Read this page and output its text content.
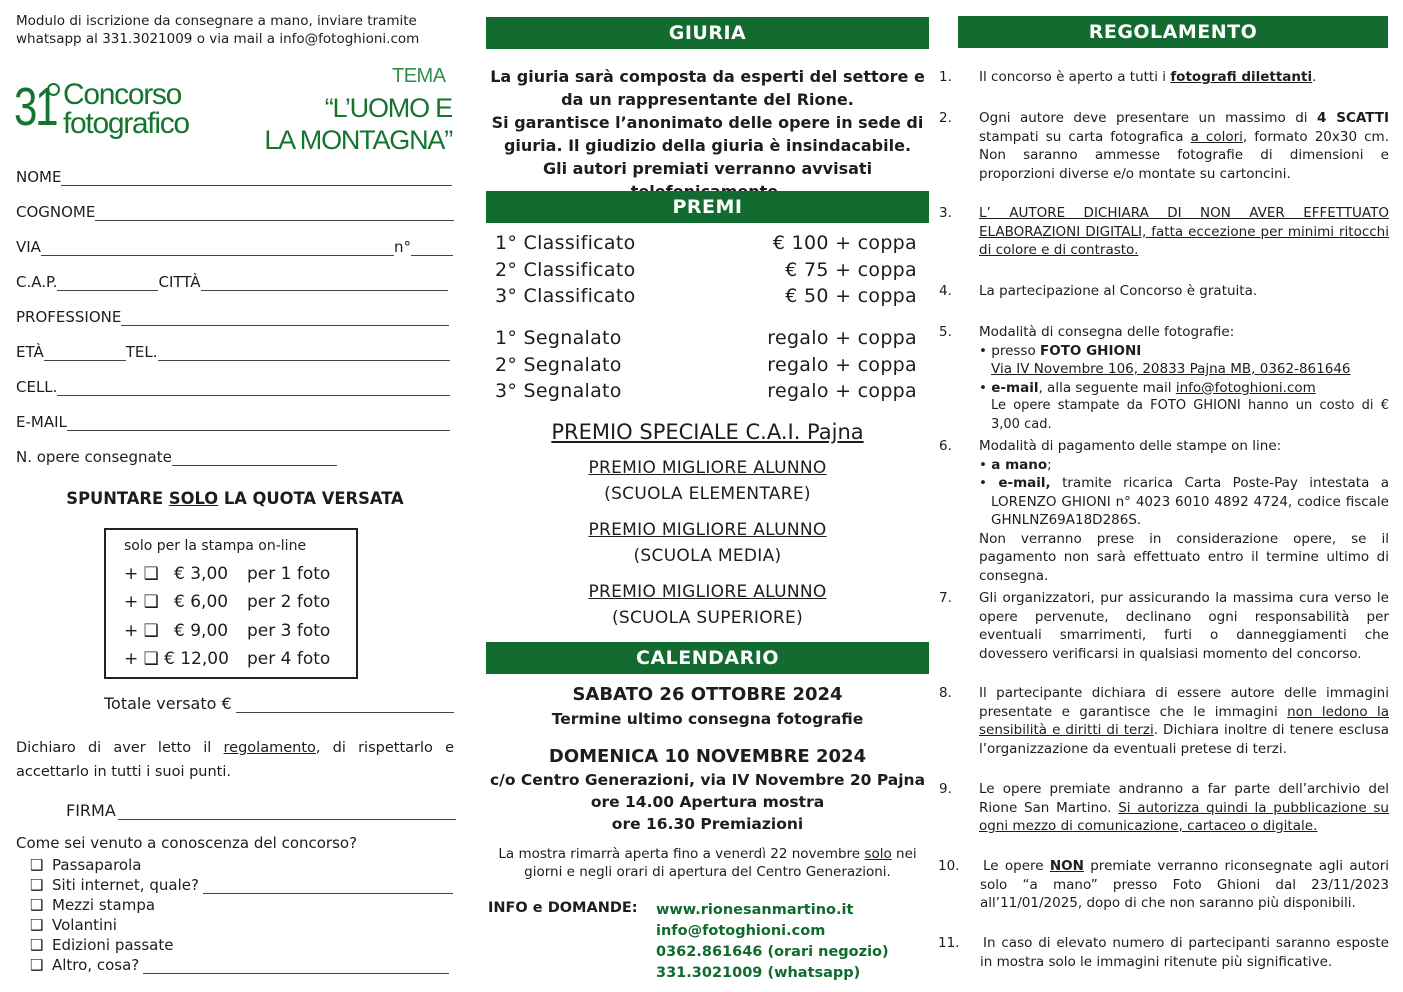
Modulo di iscrizione da consegnare a mano, inviare tramite whatsapp al 331.3021009 o via mail a info@fotoghioni.com
31 Concorso
fotografico
TEMA
“L’UOMO E
LA MONTAGNA”
NOME
COGNOME
VIA	n°
C.A.P.	CITTÀ
PROFESSIONE
ETÀ	TEL.
CELL.
E-MAIL
N. opere consegnate
SPUNTARE SOLO LA QUOTA VERSATA
solo per la stampa on-line
+ ❑ € 3,00	per 1 foto
+ ❑ € 6,00	per 2 foto
+ ❑ € 9,00	per 3 foto
+ ❑ € 12,00	per 4 foto
Totale versato €
Dichiaro di aver letto il regolamento, di rispettarlo e accettarlo in tutti i suoi punti.
FIRMA
Come sei venuto a conoscenza del concorso?
❑ Passaparola
❑ Siti internet, quale?
❑ Mezzi stampa
❑ Volantini
❑ Edizioni passate
❑ Altro, cosa?
GIURIA
La giuria sarà composta da esperti del settore e
da un rappresentante del Rione.
Si garantisce l’anonimato delle opere in sede di
giuria. Il giudizio della giuria è insindacabile.
Gli autori premiati verranno avvisati
PREMI
1° Classificato	€ 100 + coppa
2° Classificato	€ 75 + coppa
3° Classificato	€ 50 + coppa
1° Segnalato	regalo + coppa
2° Segnalato	regalo + coppa
3° Segnalato	regalo + coppa
PREMIO SPECIALE C.A.I. Pajna
PREMIO MIGLIORE ALUNNO
(SCUOLA ELEMENTARE)
PREMIO MIGLIORE ALUNNO
(SCUOLA MEDIA)
PREMIO MIGLIORE ALUNNO
(SCUOLA SUPERIORE)
CALENDARIO
SABATO 26 OTTOBRE 2024
Termine ultimo consegna fotografie
DOMENICA 10 NOVEMBRE 2024
c/o Centro Generazioni, via IV Novembre 20 Pajna
ore 14.00 Apertura mostra
ore 16.30 Premiazioni
La mostra rimarrà aperta fino a venerdì 22 novembre solo nei giorni e negli orari di apertura del Centro Generazioni.
INFO e DOMANDE: www.rionesanmartino.it
info@fotoghioni.com
0362.861646 (orari negozio)
331.3021009 (whatsapp)
REGOLAMENTO
1. Il concorso è aperto a tutti i fotografi dilettanti.
2. Ogni autore deve presentare un massimo di 4 SCATTI stampati su carta fotografica a colori, formato 20x30 cm. Non saranno ammesse fotografie di dimensioni e proporzioni diverse e/o montate su cartoncini.
3. L’ AUTORE DICHIARA DI NON AVER EFFETTUATO ELABORAZIONI DIGITALI, fatta eccezione per minimi ritocchi di colore e di contrasto.
4. La partecipazione al Concorso è gratuita.
5. Modalità di consegna delle fotografie:
• presso FOTO GHIONI
Via IV Novembre 106, 20833 Pajna MB, 0362-861646
• e-mail, alla seguente mail info@fotoghioni.com
Le opere stampate da FOTO GHIONI hanno un costo di € 3,00 cad.
6. Modalità di pagamento delle stampe on line:
• a mano;
• e-mail, tramite ricarica Carta Poste-Pay intestata a LORENZO GHIONI n° 4023 6010 4892 4724, codice fiscale GHNLNZ69A18D286S.
Non verranno prese in considerazione opere, se il pagamento non sarà effettuato entro il termine ultimo di consegna.
7. Gli organizzatori, pur assicurando la massima cura verso le opere pervenute, declinano ogni responsabilità per eventuali smarrimenti, furti o danneggiamenti che dovessero verificarsi in qualsiasi momento del concorso.
8. Il partecipante dichiara di essere autore delle immagini presentate e garantisce che le immagini non ledono la sensibilità e diritti di terzi. Dichiara inoltre di tenere esclusa l’organizzazione da eventuali pretese di terzi.
9. Le opere premiate andranno a far parte dell’archivio del Rione San Martino. Si autorizza quindi la pubblicazione su ogni mezzo di comunicazione, cartaceo o digitale.
10. Le opere NON premiate verranno riconsegnate agli autori solo “a mano” presso Foto Ghioni dal 23/11/2023 all’11/01/2025, dopo di che non saranno più disponibili.
11. In caso di elevato numero di partecipanti saranno esposte in mostra solo le immagini ritenute più significative.
